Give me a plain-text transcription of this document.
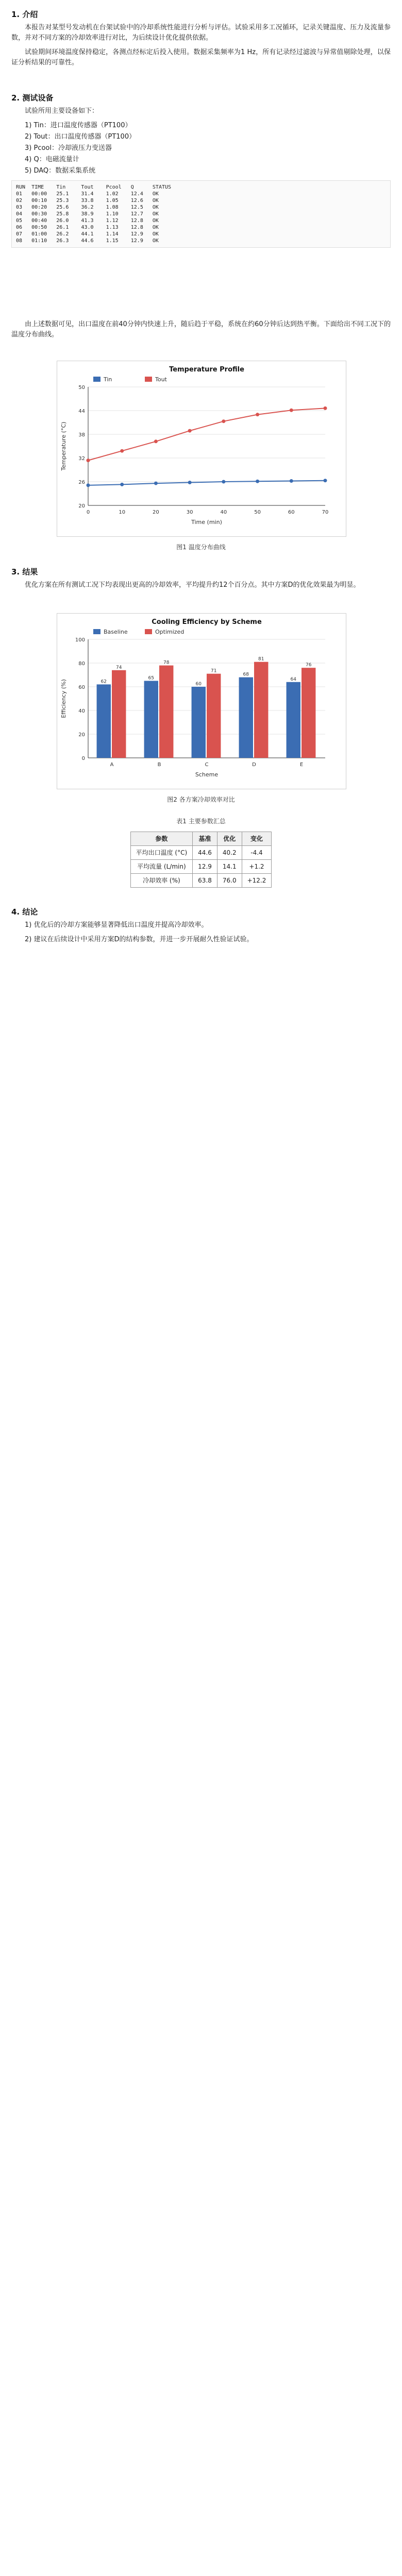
1. 介绍

本报告对某型号发动机在台架试验中的冷却系统性能进行分析与评估。试验采用多工况循环，记录关键温度、压力及流量参数，并对不同方案的冷却效率进行对比，为后续设计优化提供依据。

试验期间环境温度保持稳定，各测点经标定后投入使用。数据采集频率为1 Hz，所有记录经过滤波与异常值剔除处理，以保证分析结果的可靠性。

2. 测试设备

试验所用主要设备如下：

1) Tin：进口温度传感器（PT100）
2) Tout：出口温度传感器（PT100）
3) Pcool：冷却液压力变送器
4) Q：电磁流量计
5) DAQ：数据采集系统
RUN  TIME    Tin     Tout    Pcool   Q      STATUS
01   00:00   25.1    31.4    1.02    12.4   OK
02   00:10   25.3    33.8    1.05    12.6   OK
03   00:20   25.6    36.2    1.08    12.5   OK
04   00:30   25.8    38.9    1.10    12.7   OK
05   00:40   26.0    41.3    1.12    12.8   OK
06   00:50   26.1    43.0    1.13    12.8   OK
07   01:00   26.2    44.1    1.14    12.9   OK
08   01:10   26.3    44.6    1.15    12.9   OK

由上述数据可见，出口温度在前40分钟内快速上升，随后趋于平稳，系统在约60分钟后达到热平衡。下面给出不同工况下的温度分布曲线。

20
26
32
38
44
50
Temperature Profile
Time (min)
Temperature (°C)
0	10	20	30	40	50	60	70
Tin	Tout
图1 温度分布曲线
3. 结果

优化方案在所有测试工况下均表现出更高的冷却效率，平均提升约12个百分点。其中方案D的优化效果最为明显。

0
20
40
60
80
100
Cooling Efficiency by Scheme
Scheme
Efficiency (%)
A
62
74
B
65
78
C
60
71
D
68
81
E
64
76
Baseline	Optimized
图2 各方案冷却效率对比
表1 主要参数汇总
参数	基准	优化	变化
平均出口温度 (°C)	44.6	40.2	-4.4
平均流量 (L/min)	12.9	14.1	+1.2
冷却效率 (%)	63.8	76.0	+12.2
4. 结论

1) 优化后的冷却方案能够显著降低出口温度并提高冷却效率。

2) 建议在后续设计中采用方案D的结构参数，并进一步开展耐久性验证试验。
